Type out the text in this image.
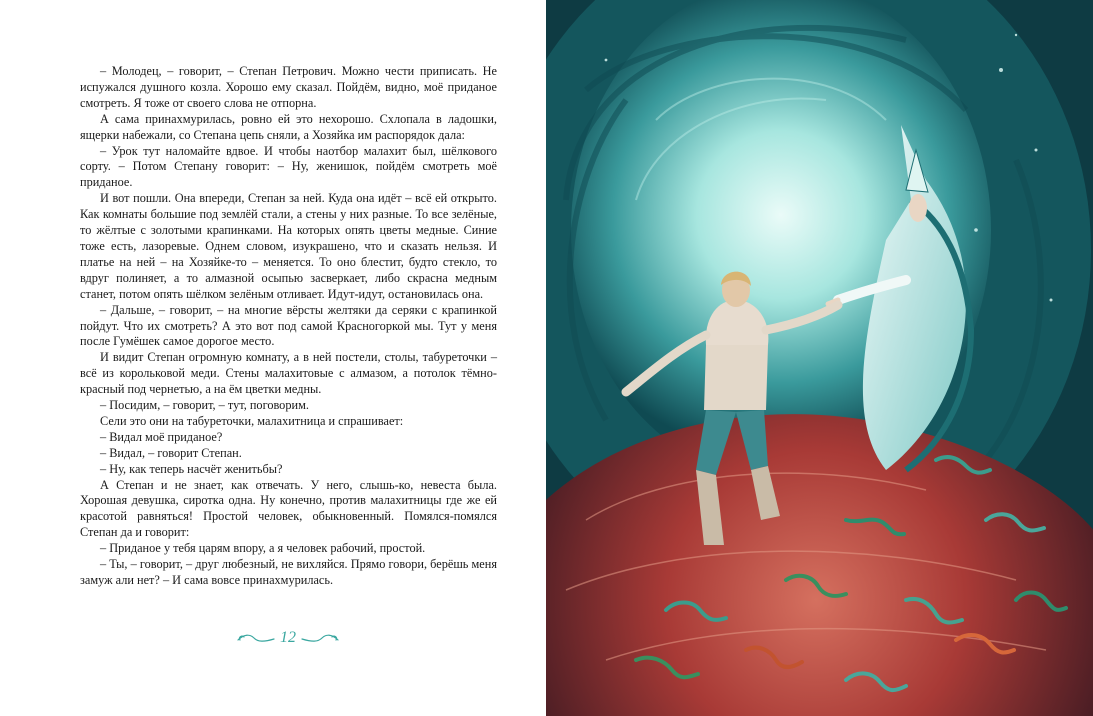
– Молодец, – говорит, – Степан Петрович. Можно чести приписать. Не испужался душного козла. Хорошо ему сказал. Пойдём, видно, моё приданое смотреть. Я тоже от своего слова не отпорна.

А сама принахмурилась, ровно ей это нехорошо. Схлопала в ладошки, ящерки набежали, со Степана цепь сняли, а Хозяйка им распорядок дала:

– Урок тут наломайте вдвое. И чтобы наотбор малахит был, шёлкового сорту. – Потом Степану говорит: – Ну, женишок, пойдём смотреть моё приданое.

И вот пошли. Она впереди, Степан за ней. Куда она идёт – всё ей открыто. Как комнаты большие под землёй стали, а стены у них разные. То все зелёные, то жёлтые с золотыми крапинками. На которых опять цветы медные. Синие тоже есть, лазоревые. Однем словом, изукрашено, что и сказать нельзя. И платье на ней – на Хозяйке-то – меняется. То оно блестит, будто стекло, то вдруг полиняет, а то алмазной осыпью засверкает, либо скрасна медным станет, потом опять шёлком зелёным отливает. Идут-идут, остановилась она.

– Дальше, – говорит, – на многие вёрсты желтяки да серяки с крапинкой пойдут. Что их смотреть? А это вот под самой Красногоркой мы. Тут у меня после Гумёшек самое дорогое место.

И видит Степан огромную комнату, а в ней постели, столы, табуреточки – всё из корольковой меди. Стены малахитовые с алмазом, а потолок тёмно-красный под чернетью, а на ём цветки медны.

– Посидим, – говорит, – тут, поговорим.

Сели это они на табуреточки, малахитница и спрашивает:

– Видал моё приданое?

– Видал, – говорит Степан.

– Ну, как теперь насчёт женитьбы?

А Степан и не знает, как отвечать. У него, слышь-ко, невеста была. Хорошая девушка, сиротка одна. Ну конечно, против малахитницы где же ей красотой равняться! Простой человек, обыкновенный. Помялся-помялся Степан да и говорит:

– Приданое у тебя царям впору, а я человек рабочий, простой.

– Ты, – говорит, – друг любезный, не вихляйся. Прямо говори, берёшь меня замуж али нет? – И сама вовсе принахмурилась.

12
